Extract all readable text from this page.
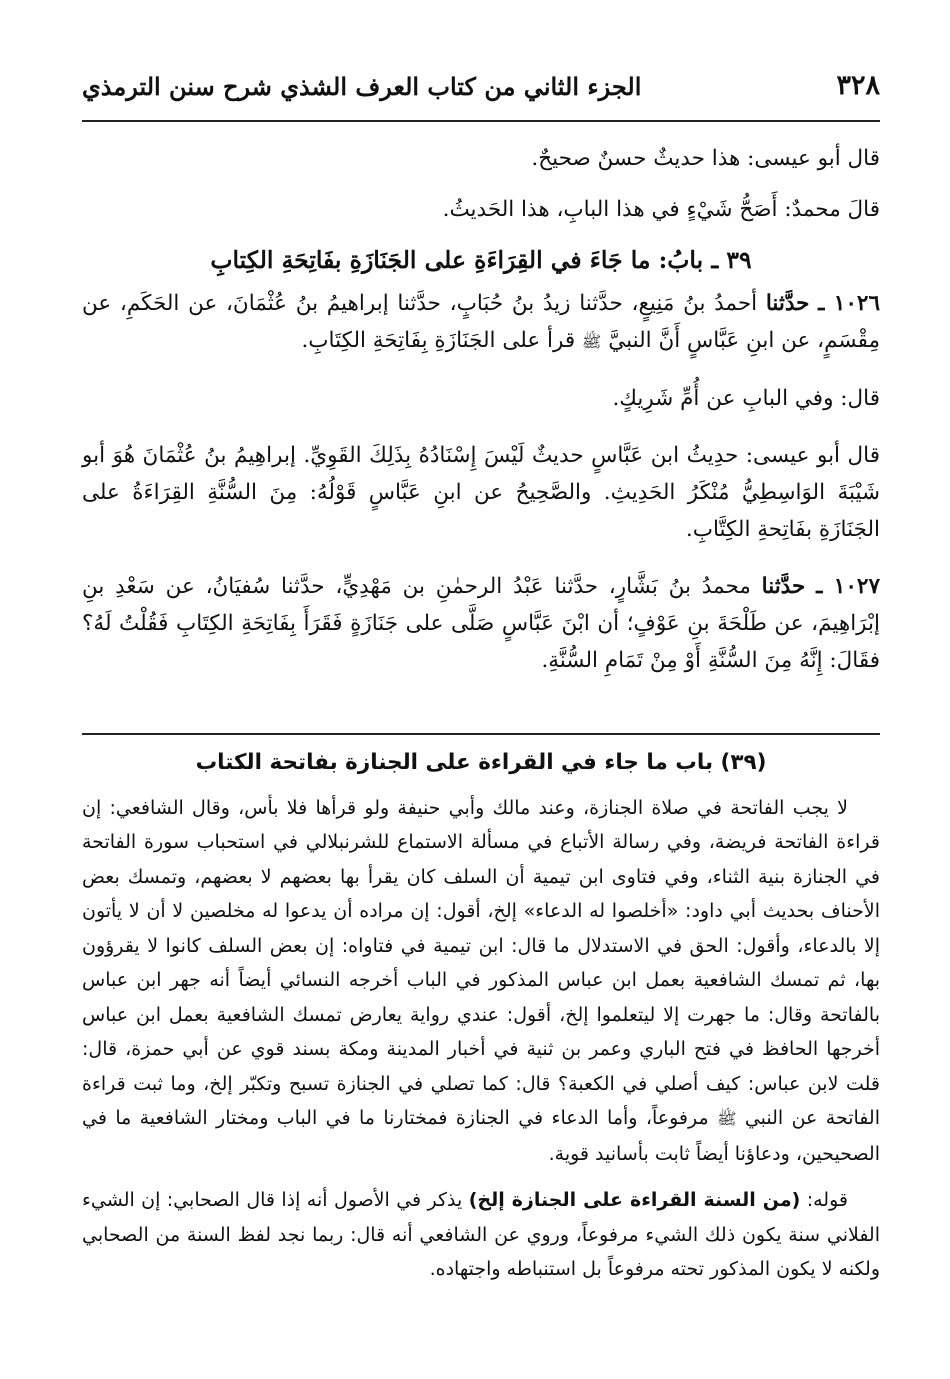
٣٢٨
الجزء الثاني من كتاب العرف الشذي شرح سنن الترمذي

قال أبو عيسى: هذا حديثٌ حسنٌ صحيحٌ.

قالَ محمدٌ: أَصَحُّ شَيْءٍ في هذا البابِ، هذا الحَديثُ.

٣٩ ـ بابُ: ما جَاءَ في القِرَاءَةِ على الجَنَازَةِ بفَاتِحَةِ الكِتابِ

١٠٢٦ ـ حدَّثنا أحمدُ بنُ مَنِيعٍ، حدَّثنا زيدُ بنُ حُبَابٍ، حدَّثنا إبراهيمُ بنُ عُثْمَانَ، عن الحَكَمِ، عن مِقْسَمٍ، عن ابنِ عَبَّاسٍ أَنَّ النبيَّ ﷺ قرأ على الجَنَازَةِ بِفَاتِحَةِ الكِتَابِ.

قال: وفي البابِ عن أُمِّ شَرِيكٍ.

قال أبو عيسى: حدِيثُ ابن عَبَّاسٍ حديثٌ لَيْسَ إِسْنَادُهُ بِذَلِكَ القَوِيِّ. إبراهِيمُ بنُ عُثْمَانَ هُوَ أبو شَيْبَةَ الوَاسِطِيُّ مُنْكَرُ الحَدِيثِ. والصَّحِيحُ عن ابنِ عَبَّاسٍ قَوْلُهُ: مِنَ السُّنَّةِ القِرَاءَةُ على الجَنَازَةِ بفَاتِحةِ الكِتَّابِ.

١٠٢٧ ـ حدَّثنا محمدُ بنُ بَشَّارٍ، حدَّثنا عَبْدُ الرحمٰنِ بن مَهْدِيٍّ، حدَّثنا سُفيَانُ، عن سَعْدِ بنِ إبْرَاهِيمَ، عن طَلْحَةَ بنِ عَوْفٍ؛ أن ابْنَ عَبَّاسٍ صَلَّى على جَنَازَةٍ فَقَرَأَ بِفَاتِحَةِ الكِتَابِ فَقُلْتُ لَهُ؟ فقَالَ: إِنَّهُ مِنَ السُّنَّةِ أَوْ مِنْ تَمَامِ السُّنَّةِ.

(٣٩) باب ما جاء في القراءة على الجنازة بفاتحة الكتاب

لا يجب الفاتحة في صلاة الجنازة، وعند مالك وأبي حنيفة ولو قرأها فلا بأس، وقال الشافعي: إن قراءة الفاتحة فريضة، وفي رسالة الأتباع في مسألة الاستماع للشرنبلالي في استحباب سورة الفاتحة في الجنازة بنية الثناء، وفي فتاوى ابن تيمية أن السلف كان يقرأ بها بعضهم لا بعضهم، وتمسك بعض الأحناف بحديث أبي داود: «أخلصوا له الدعاء» إلخ، أقول: إن مراده أن يدعوا له مخلصين لا أن لا يأتون إلا بالدعاء، وأقول: الحق في الاستدلال ما قال: ابن تيمية في فتاواه: إن بعض السلف كانوا لا يقرؤون بها، ثم تمسك الشافعية بعمل ابن عباس المذكور في الباب أخرجه النسائي أيضاً أنه جهر ابن عباس بالفاتحة وقال: ما جهرت إلا ليتعلموا إلخ، أقول: عندي رواية يعارض تمسك الشافعية بعمل ابن عباس أخرجها الحافظ في فتح الباري وعمر بن ثنية في أخبار المدينة ومكة بسند قوي عن أبي حمزة، قال: قلت لابن عباس: كيف أصلي في الكعبة؟ قال: كما تصلي في الجنازة تسبح وتكبّر إلخ، وما ثبت قراءة الفاتحة عن النبي ﷺ مرفوعاً، وأما الدعاء في الجنازة فمختارنا ما في الباب ومختار الشافعية ما في الصحيحين، ودعاؤنا أيضاً ثابت بأسانيد قوية.

قوله: (من السنة القراءة على الجنازة إلخ) يذكر في الأصول أنه إذا قال الصحابي: إن الشيء الفلاني سنة يكون ذلك الشيء مرفوعاً، وروي عن الشافعي أنه قال: ربما نجد لفظ السنة من الصحابي ولكنه لا يكون المذكور تحته مرفوعاً بل استنباطه واجتهاده.
